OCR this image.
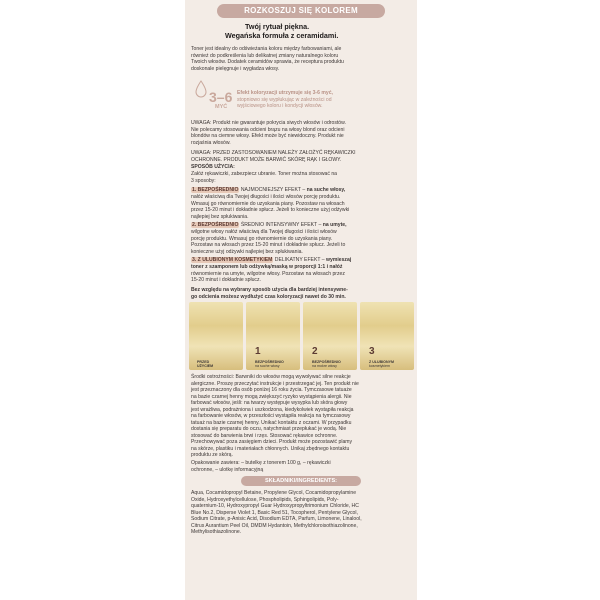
ROZKOSZUJ SIĘ KOLOREM
Twój rytuał piękna.
Wegańska formuła z ceramidami.
Toner jest idealny do odświeżania koloru między farbowaniami, ale
również do podkreślenia lub delikatnej zmiany naturalnego koloru
Twoich włosów. Dodatek ceramidów sprawia, że receptura produktu
doskonale pielęgnuje i wygładza włosy.
3–6
MYĆ
Efekt koloryzacji utrzymuje się 3-6 myć,
stopniowo się wypłukując w zależności od
wyjściowego koloru i kondycji włosów.
UWAGA: Produkt nie gwarantuje pokrycia siwych włosów i odrostów.
Nie polecamy stosowania odcieni brązu na włosy blond oraz odcieni
blondów na ciemne włosy. Efekt może być niewidoczny. Produkt nie
rozjaśnia włosów.
UWAGA: PRZED ZASTOSOWANIEM NALEŻY ZAŁOŻYĆ RĘKAWICZKI
OCHRONNE. PRODUKT MOŻE BARWIĆ SKÓRĘ RĄK I GŁOWY.
SPOSÓB UŻYCIA:
Załóż rękawiczki, zabezpiecz ubranie. Toner można stosować na
3 sposoby:
1. BEZPOŚREDNIO NAJMOCNIEJSZY EFEKT – na suche włosy,
nałóż właściwą dla Twojej długości i ilości włosów porcję produktu.
Wmasuj go równomiernie do uzyskania piany. Pozostaw na włosach
przez 15-20 minut i dokładnie spłucz. Jeżeli to konieczne użyj odżywki
najlepiej bez spłukiwania.
2. BEZPOŚREDNIO ŚREDNIO INTENSYWNY EFEKT – na umyte,
wilgotne włosy nałóż właściwą dla Twojej długości i ilości włosów
porcję produktu. Wmasuj go równomiernie do uzyskania piany.
Pozostaw na włosach przez 15-20 minut i dokładnie spłucz. Jeżeli to
konieczne użyj odżywki najlepiej bez spłukiwania.
3. Z ULUBIONYM KOSMETYKIEM DELIKATNY EFEKT – wymieszaj
toner z szamponem lub odżywką/maską w proporcji 1:1 i nałóż
równomiernie na umyte, wilgotne włosy. Pozostaw na włosach przez
15-20 minut i dokładnie spłucz.
Bez względu na wybrany sposób użycia dla bardziej intensywne-
go odcienia możesz wydłużyć czas koloryzacji nawet do 30 min.
1	2	3
PRZED
UŻYCIEM
BEZPOŚREDNIO
na suche włosy
BEZPOŚREDNIO
na mokre włosy
Z ULUBIONYM
kosmetykiem
Środki ostrożności: Barwniki do włosów mogą wywoływać silne reakcje
alergiczne. Proszę przeczytać instrukcje i przestrzegać jej. Ten produkt nie
jest przeznaczony dla osób poniżej 16 roku życia. Tymczasowe tatuaże
na bazie czarnej henny mogą zwiększyć ryzyko wystąpienia alergii. Nie
farbować włosów, jeśli: na twarzy występuje wysypka lub skóra głowy
jest wrażliwa, podrażniona i uszkodzona, kiedykolwiek wystąpiła reakcja
na farbowanie włosów, w przeszłości wystąpiła reakcja na tymczasowy
tatuaż na bazie czarnej henny. Unikać kontaktu z oczami. W przypadku
dostania się preparatu do oczu, natychmiast przepłukać je wodą. Nie
stosować do barwienia brwi i rzęs. Stosować rękawice ochronne.
Przechowywać poza zasięgiem dzieci. Produkt może pozostawić plamy
na skórze, plastiku i materiałach chłonnych. Unikaj zbędnego kontaktu
produktu ze skórą.
Opakowanie zawiera: – butelkę z tonerem 100 g, – rękawiczki
ochronne, – ulotkę informacyjną
SKŁADNIKI/INGREDIENTS:
Aqua, Cocamidopropyl Betaine, Propylene Glycol, Cocamidopropylamine
Oxide, Hydroxyethylcellulose, Phospholipids, Sphingolipids, Poly-
quaternium-10, Hydroxypropyl Guar Hydroxypropyltrimonium Chloride, HC
Blue No.2, Disperse Violet 1, Basic Red 51, Tocopherol, Pentylene Glycol,
Sodium Citrate, p-Anisic Acid, Disodium EDTA, Parfum, Limonene, Linalool,
Citrus Aurantium Peel Oil, DMDM Hydantoin, Methylchloroisothiazolinone,
Methylisothiazolinone.
